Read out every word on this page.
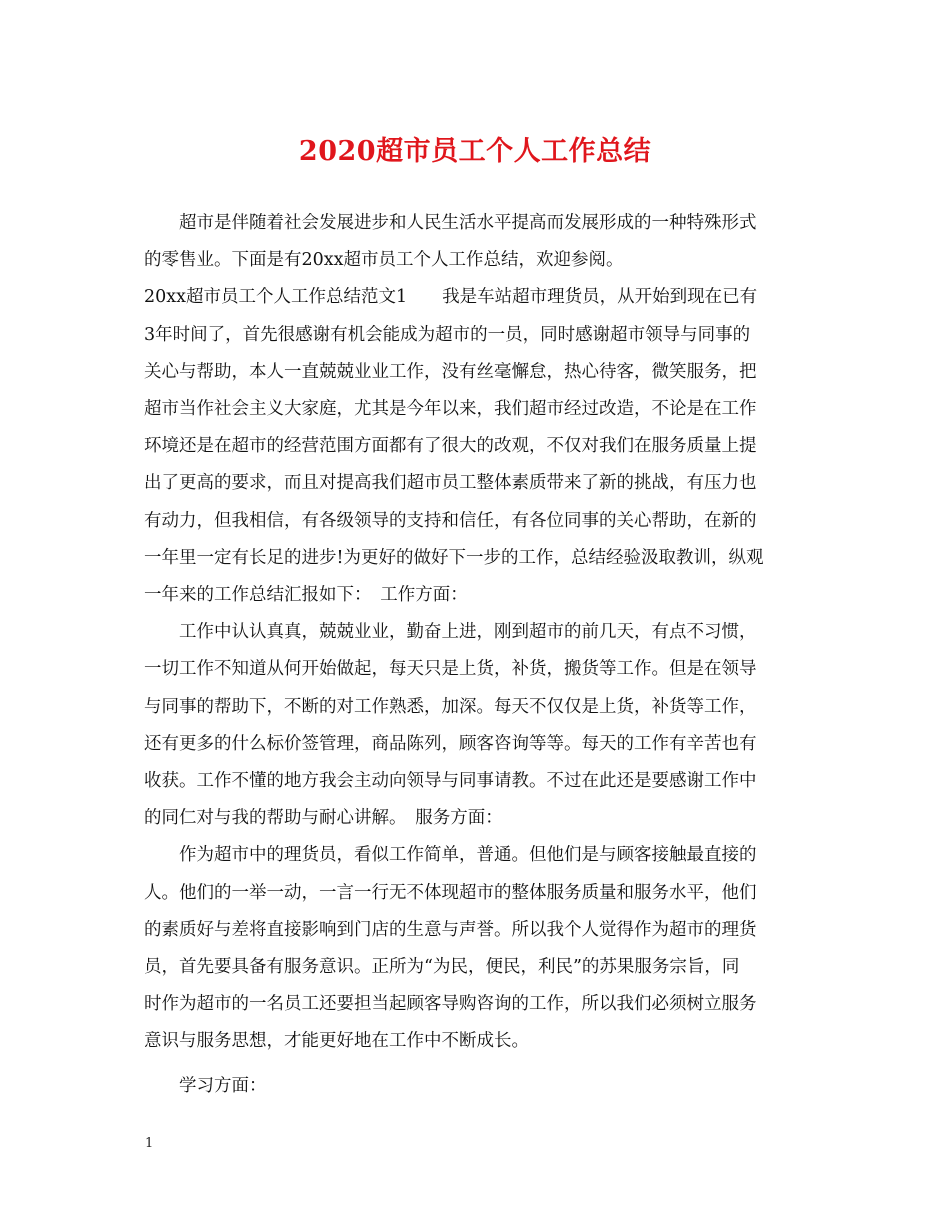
2020超市员工个人工作总结

超市是伴随着社会发展进步和人民生活水平提高而发展形成的一种特殊形式
的零售业。下面是有20xx超市员工个人工作总结，欢迎参阅。

20xx超市员工个人工作总结范文1　　我是车站超市理货员，从开始到现在已有
3年时间了，首先很感谢有机会能成为超市的一员，同时感谢超市领导与同事的
关心与帮助，本人一直兢兢业业工作，没有丝毫懈怠，热心待客，微笑服务，把
超市当作社会主义大家庭，尤其是今年以来，我们超市经过改造，不论是在工作
环境还是在超市的经营范围方面都有了很大的改观，不仅对我们在服务质量上提
出了更高的要求，而且对提高我们超市员工整体素质带来了新的挑战，有压力也
有动力，但我相信，有各级领导的支持和信任，有各位同事的关心帮助，在新的
一年里一定有长足的进步!为更好的做好下一步的工作，总结经验汲取教训，纵观
一年来的工作总结汇报如下：　工作方面：

工作中认认真真，兢兢业业，勤奋上进，刚到超市的前几天，有点不习惯，
一切工作不知道从何开始做起，每天只是上货，补货，搬货等工作。但是在领导
与同事的帮助下，不断的对工作熟悉，加深。每天不仅仅是上货，补货等工作，
还有更多的什么标价签管理，商品陈列，顾客咨询等等。每天的工作有辛苦也有
收获。工作不懂的地方我会主动向领导与同事请教。不过在此还是要感谢工作中
的同仁对与我的帮助与耐心讲解。　服务方面：

作为超市中的理货员，看似工作简单，普通。但他们是与顾客接触最直接的
人。他们的一举一动，一言一行无不体现超市的整体服务质量和服务水平，他们
的素质好与差将直接影响到门店的生意与声誉。所以我个人觉得作为超市的理货
员，首先要具备有服务意识。正所为“为民，便民，利民”的苏果服务宗旨，同
时作为超市的一名员工还要担当起顾客导购咨询的工作，所以我们必须树立服务
意识与服务思想，才能更好地在工作中不断成长。

学习方面：

1
